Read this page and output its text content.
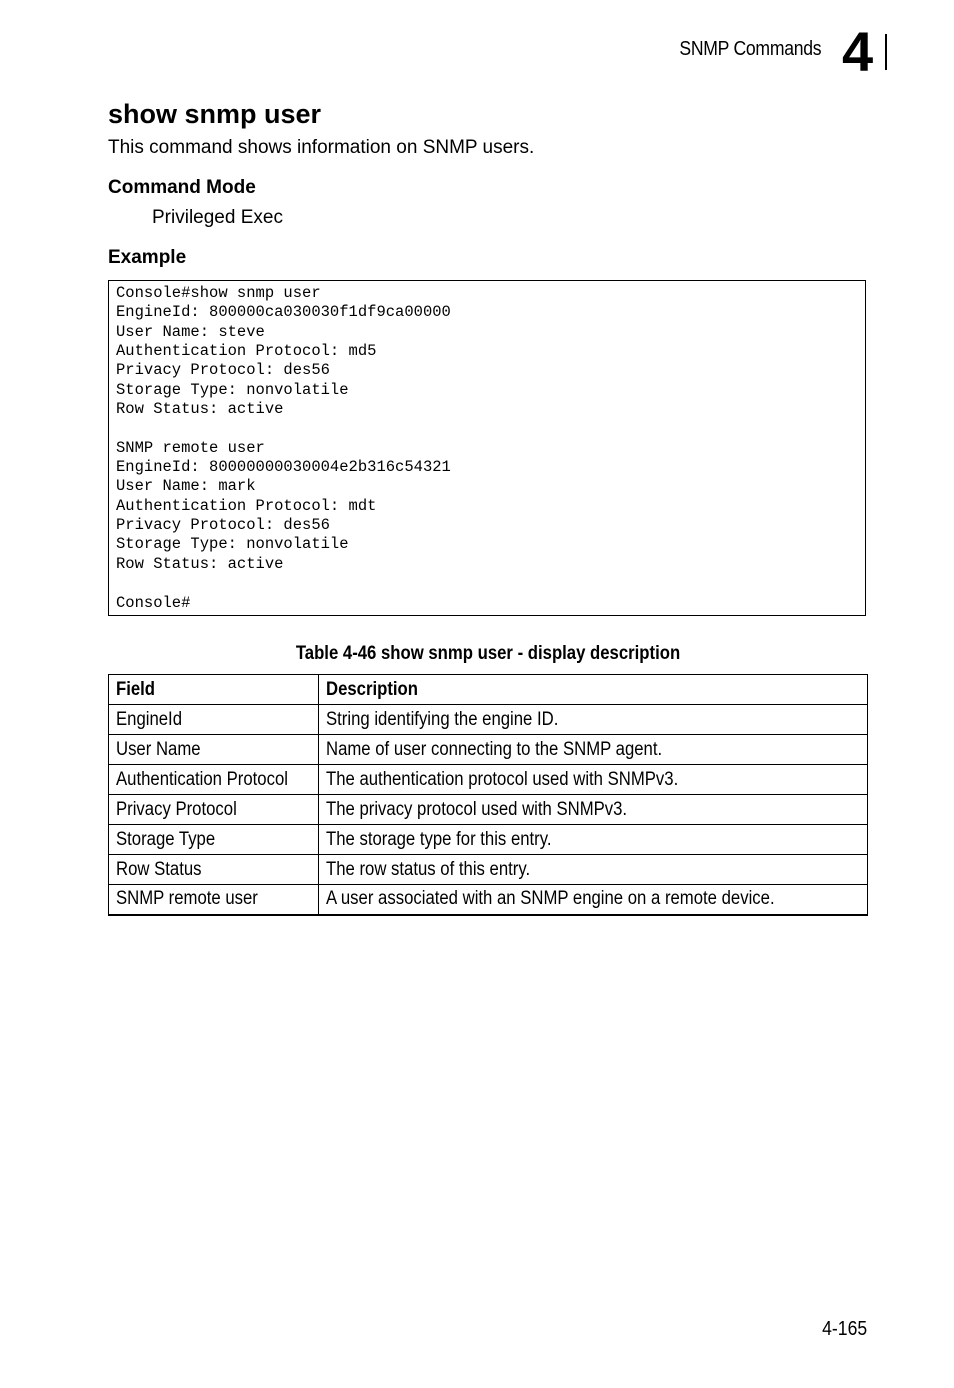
SNMP Commands 4
show snmp user
This command shows information on SNMP users.
Command Mode
Privileged Exec
Example
Console#show snmp user
EngineId: 800000ca030030f1df9ca00000
User Name: steve
Authentication Protocol: md5
Privacy Protocol: des56
Storage Type: nonvolatile
Row Status: active

SNMP remote user
EngineId: 80000000030004e2b316c54321
User Name: mark
Authentication Protocol: mdt
Privacy Protocol: des56
Storage Type: nonvolatile
Row Status: active

Console#
Table 4-46 show snmp user - display description
Field	Description
EngineId	String identifying the engine ID.
User Name	Name of user connecting to the SNMP agent.
Authentication Protocol	The authentication protocol used with SNMPv3.
Privacy Protocol	The privacy protocol used with SNMPv3.
Storage Type	The storage type for this entry.
Row Status	The row status of this entry.
SNMP remote user	A user associated with an SNMP engine on a remote device.
4-165
